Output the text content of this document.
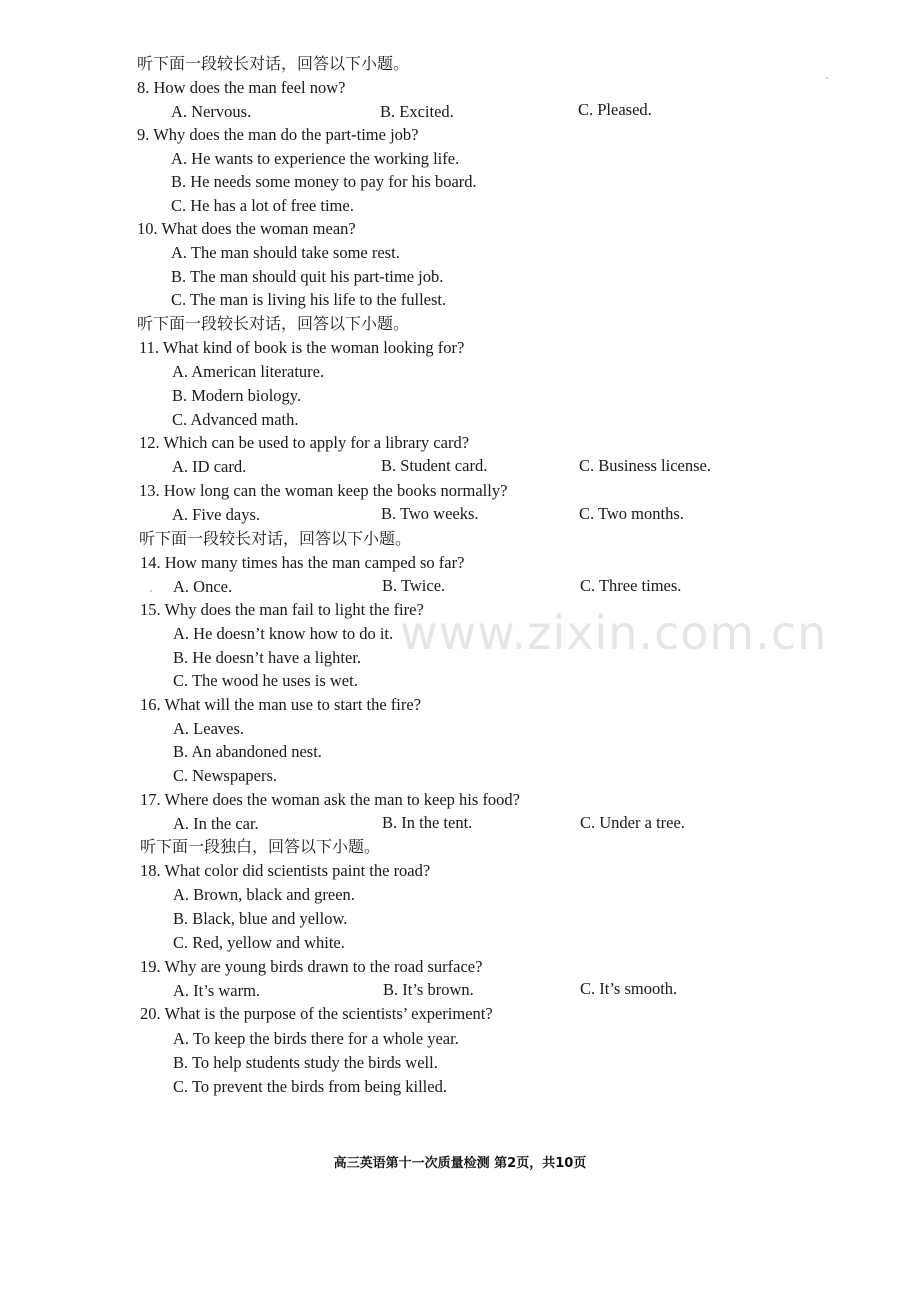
www.zixin.com.cn
听下面一段较长对话，回答以下小题。
8. How does the man feel now?
A. Nervous.	B. Excited.	C. Pleased.
9. Why does the man do the part-time job?
A. He wants to experience the working life.
B. He needs some money to pay for his board.
C. He has a lot of free time.
10. What does the woman mean?
A. The man should take some rest.
B. The man should quit his part-time job.
C. The man is living his life to the fullest.
听下面一段较长对话，回答以下小题。
11. What kind of book is the woman looking for?
A. American literature.
B. Modern biology.
C. Advanced math.
12. Which can be used to apply for a library card?
A. ID card.	B. Student card.	C. Business license.
13. How long can the woman keep the books normally?
A. Five days.	B. Two weeks.	C. Two months.
听下面一段较长对话，回答以下小题。
14. How many times has the man camped so far?
A. Once.	B. Twice.	C. Three times.
15. Why does the man fail to light the fire?
A. He doesn’t know how to do it.
B. He doesn’t have a lighter.
C. The wood he uses is wet.
16. What will the man use to start the fire?
A. Leaves.
B. An abandoned nest.
C. Newspapers.
17. Where does the woman ask the man to keep his food?
A. In the car.	B. In the tent.	C. Under a tree.
听下面一段独白，回答以下小题。
18. What color did scientists paint the road?
A. Brown, black and green.
B. Black, blue and yellow.
C. Red, yellow and white.
19. Why are young birds drawn to the road surface?
A. It’s warm.	B. It’s brown.	C. It’s smooth.
20. What is the purpose of the scientists’ experiment?
A. To keep the birds there for a whole year.
B. To help students study the birds well.
C. To prevent the birds from being killed.
高三英语第十一次质量检测 第2页，共10页
